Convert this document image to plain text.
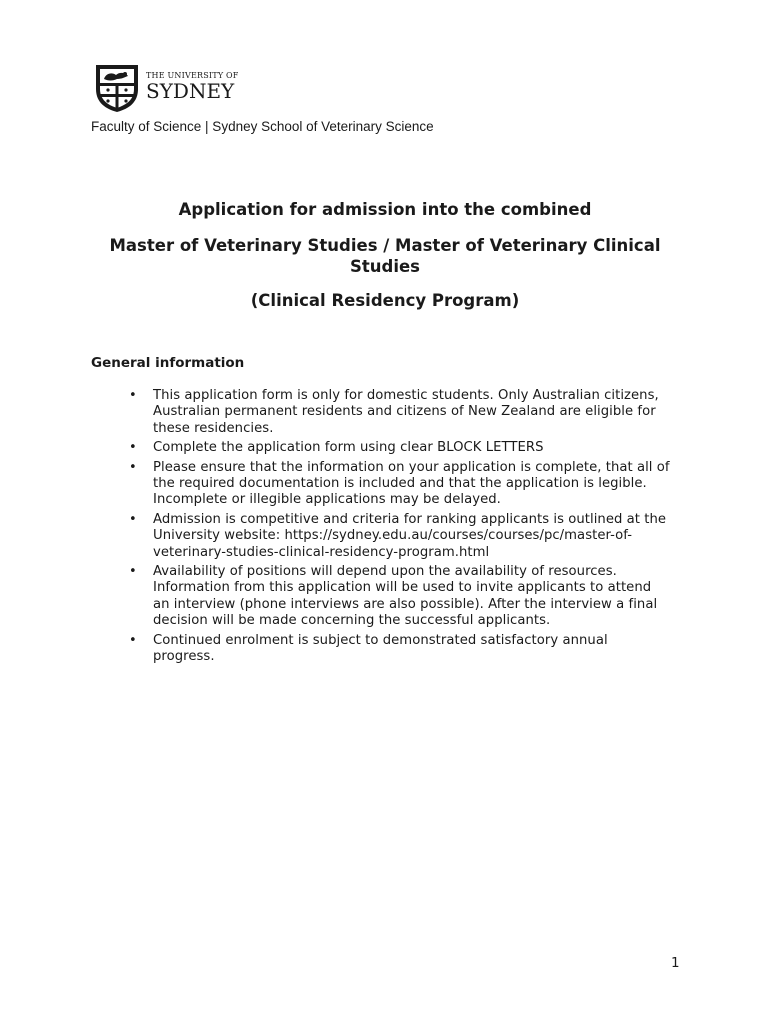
THE UNIVERSITY OF
SYDNEY
Faculty of Science | Sydney School of Veterinary Science
Application for admission into the combined
Master of Veterinary Studies / Master of Veterinary Clinical Studies
(Clinical Residency Program)
General information
• This application form is only for domestic students. Only Australian citizens, Australian permanent residents and citizens of New Zealand are eligible for these residencies.
• Complete the application form using clear BLOCK LETTERS
• Please ensure that the information on your application is complete, that all of the required documentation is included and that the application is legible. Incomplete or illegible applications may be delayed.
• Admission is competitive and criteria for ranking applicants is outlined at the University website: https://sydney.edu.au/courses/courses/pc/master-of-veterinary-studies-clinical-residency-program.html
• Availability of positions will depend upon the availability of resources. Information from this application will be used to invite applicants to attend an interview (phone interviews are also possible). After the interview a final decision will be made concerning the successful applicants.
• Continued enrolment is subject to demonstrated satisfactory annual progress.
1
